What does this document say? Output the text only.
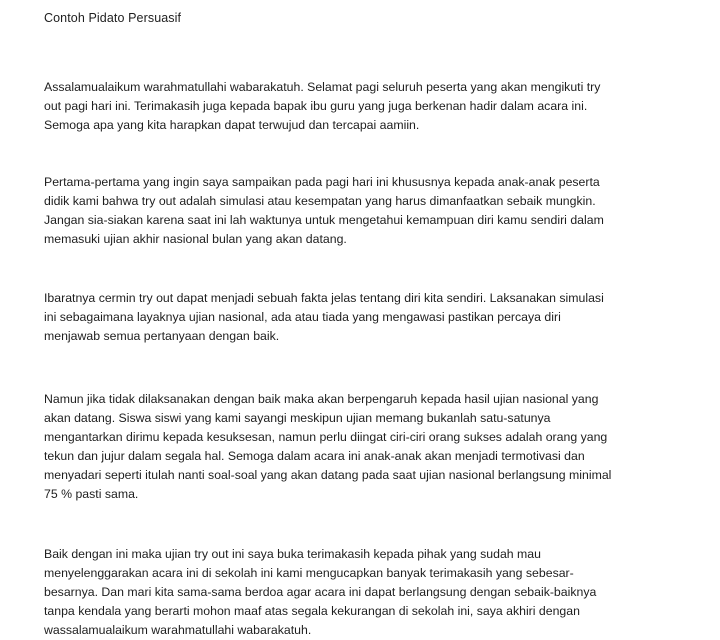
Contoh Pidato Persuasif
Assalamualaikum warahmatullahi wabarakatuh. Selamat pagi seluruh peserta yang akan mengikuti try
out pagi hari ini. Terimakasih juga kepada bapak ibu guru yang juga berkenan hadir dalam acara ini.
Semoga apa yang kita harapkan dapat terwujud dan tercapai aamiin.
Pertama-pertama yang ingin saya sampaikan pada pagi hari ini khususnya kepada anak-anak peserta
didik kami bahwa try out adalah simulasi atau kesempatan yang harus dimanfaatkan sebaik mungkin.
Jangan sia-siakan karena saat ini lah waktunya untuk mengetahui kemampuan diri kamu sendiri dalam
memasuki ujian akhir nasional bulan yang akan datang.
Ibaratnya cermin try out dapat menjadi sebuah fakta jelas tentang diri kita sendiri. Laksanakan simulasi
ini sebagaimana layaknya ujian nasional, ada atau tiada yang mengawasi pastikan percaya diri
menjawab semua pertanyaan dengan baik.
Namun jika tidak dilaksanakan dengan baik maka akan berpengaruh kepada hasil ujian nasional yang
akan datang. Siswa siswi yang kami sayangi meskipun ujian memang bukanlah satu-satunya
mengantarkan dirimu kepada kesuksesan, namun perlu diingat ciri-ciri orang sukses adalah orang yang
tekun dan jujur dalam segala hal. Semoga dalam acara ini anak-anak akan menjadi termotivasi dan
menyadari seperti itulah nanti soal-soal yang akan datang pada saat ujian nasional berlangsung minimal
75 % pasti sama.
Baik dengan ini maka ujian try out ini saya buka terimakasih kepada pihak yang sudah mau
menyelenggarakan acara ini di sekolah ini kami mengucapkan banyak terimakasih yang sebesar-
besarnya. Dan mari kita sama-sama berdoa agar acara ini dapat berlangsung dengan sebaik-baiknya
tanpa kendala yang berarti mohon maaf atas segala kekurangan di sekolah ini, saya akhiri dengan
wassalamualaikum warahmatullahi wabarakatuh.
